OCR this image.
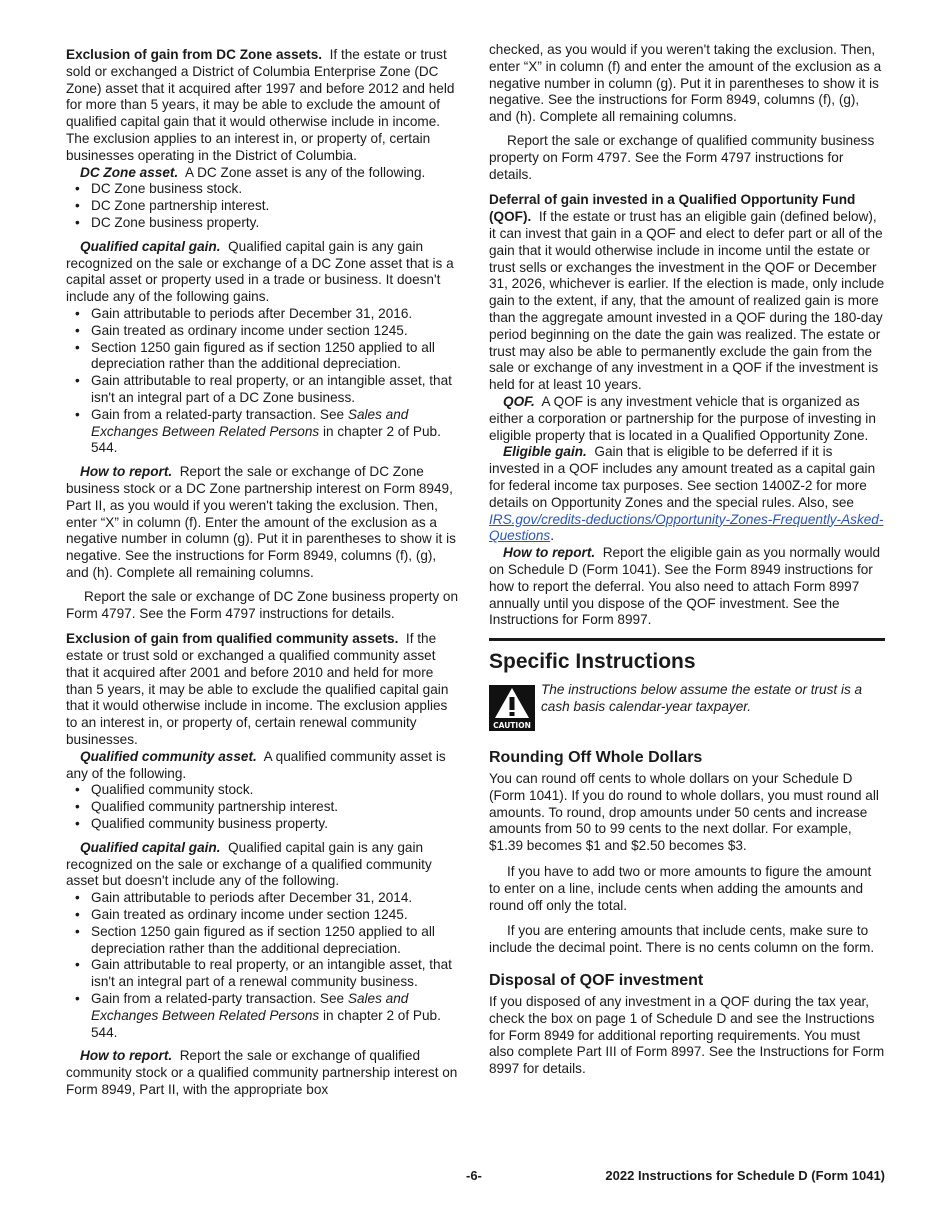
Exclusion of gain from DC Zone assets. If the estate or trust sold or exchanged a District of Columbia Enterprise Zone (DC Zone) asset that it acquired after 1997 and before 2012 and held for more than 5 years, it may be able to exclude the amount of qualified capital gain that it would otherwise include in income. The exclusion applies to an interest in, or property of, certain businesses operating in the District of Columbia.

DC Zone asset. A DC Zone asset is any of the following.

• DC Zone business stock.
• DC Zone partnership interest.
• DC Zone business property.

Qualified capital gain. Qualified capital gain is any gain recognized on the sale or exchange of a DC Zone asset that is a capital asset or property used in a trade or business. It doesn't include any of the following gains.

• Gain attributable to periods after December 31, 2016.
• Gain treated as ordinary income under section 1245.
• Section 1250 gain figured as if section 1250 applied to all depreciation rather than the additional depreciation.
• Gain attributable to real property, or an intangible asset, that isn't an integral part of a DC Zone business.
• Gain from a related-party transaction. See Sales and Exchanges Between Related Persons in chapter 2 of Pub. 544.

How to report. Report the sale or exchange of DC Zone business stock or a DC Zone partnership interest on Form 8949, Part II, as you would if you weren't taking the exclusion. Then, enter “X” in column (f). Enter the amount of the exclusion as a negative number in column (g). Put it in parentheses to show it is negative. See the instructions for Form 8949, columns (f), (g), and (h). Complete all remaining columns.

Report the sale or exchange of DC Zone business property on Form 4797. See the Form 4797 instructions for details.

Exclusion of gain from qualified community assets. If the estate or trust sold or exchanged a qualified community asset that it acquired after 2001 and before 2010 and held for more than 5 years, it may be able to exclude the qualified capital gain that it would otherwise include in income. The exclusion applies to an interest in, or property of, certain renewal community businesses.

Qualified community asset. A qualified community asset is any of the following.

• Qualified community stock.
• Qualified community partnership interest.
• Qualified community business property.

Qualified capital gain. Qualified capital gain is any gain recognized on the sale or exchange of a qualified community asset but doesn't include any of the following.

• Gain attributable to periods after December 31, 2014.
• Gain treated as ordinary income under section 1245.
• Section 1250 gain figured as if section 1250 applied to all depreciation rather than the additional depreciation.
• Gain attributable to real property, or an intangible asset, that isn't an integral part of a renewal community business.
• Gain from a related-party transaction. See Sales and Exchanges Between Related Persons in chapter 2 of Pub. 544.

How to report. Report the sale or exchange of qualified community stock or a qualified community partnership interest on Form 8949, Part II, with the appropriate box

checked, as you would if you weren't taking the exclusion. Then, enter “X” in column (f) and enter the amount of the exclusion as a negative number in column (g). Put it in parentheses to show it is negative. See the instructions for Form 8949, columns (f), (g), and (h). Complete all remaining columns.

Report the sale or exchange of qualified community business property on Form 4797. See the Form 4797 instructions for details.

Deferral of gain invested in a Qualified Opportunity Fund (QOF). If the estate or trust has an eligible gain (defined below), it can invest that gain in a QOF and elect to defer part or all of the gain that it would otherwise include in income until the estate or trust sells or exchanges the investment in the QOF or December 31, 2026, whichever is earlier. If the election is made, only include gain to the extent, if any, that the amount of realized gain is more than the aggregate amount invested in a QOF during the 180-day period beginning on the date the gain was realized. The estate or trust may also be able to permanently exclude the gain from the sale or exchange of any investment in a QOF if the investment is held for at least 10 years.

QOF. A QOF is any investment vehicle that is organized as either a corporation or partnership for the purpose of investing in eligible property that is located in a Qualified Opportunity Zone.

Eligible gain. Gain that is eligible to be deferred if it is invested in a QOF includes any amount treated as a capital gain for federal income tax purposes. See section 1400Z-2 for more details on Opportunity Zones and the special rules. Also, see IRS.gov/credits-deductions/Opportunity-Zones-Frequently-Asked-Questions.

How to report. Report the eligible gain as you normally would on Schedule D (Form 1041). See the Form 8949 instructions for how to report the deferral. You also need to attach Form 8997 annually until you dispose of the QOF investment. See the Instructions for Form 8997.

Specific Instructions
CAUTION

The instructions below assume the estate or trust is a cash basis calendar-year taxpayer.

Rounding Off Whole Dollars

You can round off cents to whole dollars on your Schedule D (Form 1041). If you do round to whole dollars, you must round all amounts. To round, drop amounts under 50 cents and increase amounts from 50 to 99 cents to the next dollar. For example, $1.39 becomes $1 and $2.50 becomes $3.

If you have to add two or more amounts to figure the amount to enter on a line, include cents when adding the amounts and round off only the total.

If you are entering amounts that include cents, make sure to include the decimal point. There is no cents column on the form.

Disposal of QOF investment

If you disposed of any investment in a QOF during the tax year, check the box on page 1 of Schedule D and see the Instructions for Form 8949 for additional reporting requirements. You must also complete Part III of Form 8997. See the Instructions for Form 8997 for details.

-6-	2022 Instructions for Schedule D (Form 1041)
